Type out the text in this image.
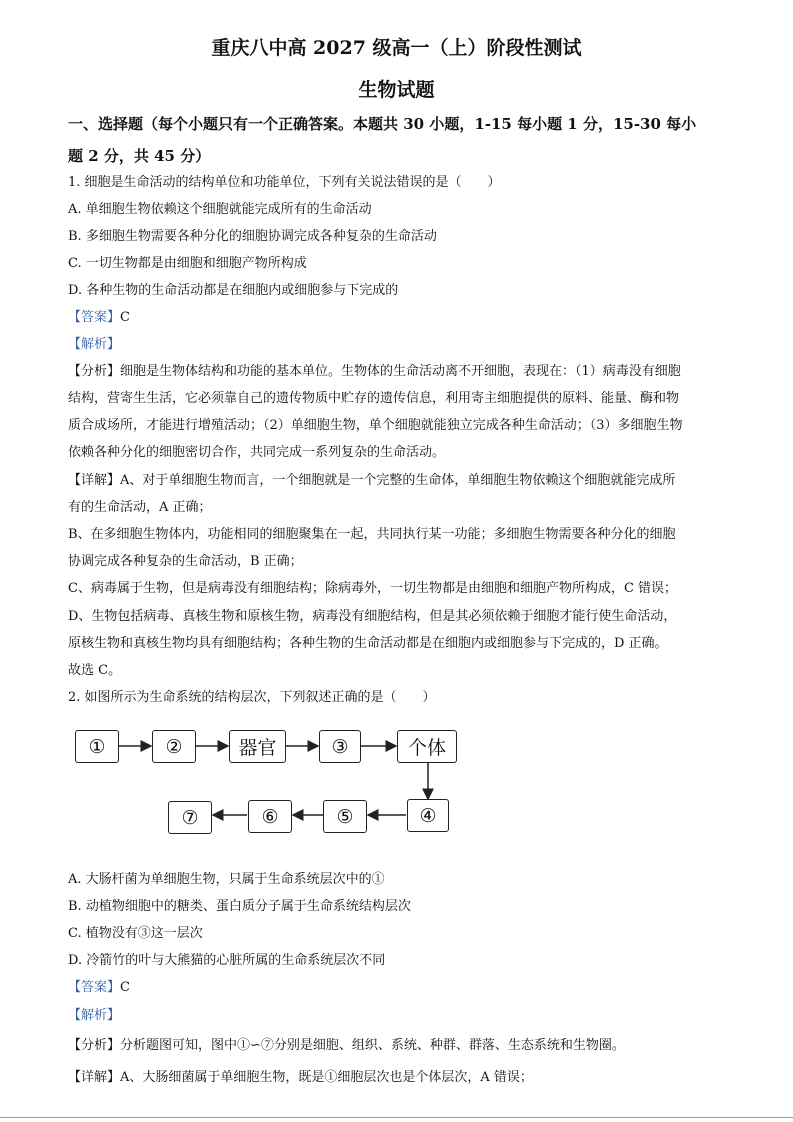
重庆八中高 2027 级高一（上）阶段性测试
生物试题
一、选择题（每个小题只有一个正确答案。本题共 30 小题，1-15 每小题 1 分，15-30 每小
题 2 分，共 45 分）
1. 细胞是生命活动的结构单位和功能单位，下列有关说法错误的是（　　）
A. 单细胞生物依赖这个细胞就能完成所有的生命活动
B. 多细胞生物需要各种分化的细胞协调完成各种复杂的生命活动
C. 一切生物都是由细胞和细胞产物所构成
D. 各种生物的生命活动都是在细胞内或细胞参与下完成的
【答案】C
【解析】
【分析】细胞是生物体结构和功能的基本单位。生物体的生命活动离不开细胞，表现在：（1）病毒没有细胞
结构，营寄生生活，它必须靠自己的遗传物质中贮存的遗传信息，利用寄主细胞提供的原料、能量、酶和物
质合成场所，才能进行增殖活动；（2）单细胞生物，单个细胞就能独立完成各种生命活动；（3）多细胞生物
依赖各种分化的细胞密切合作，共同完成一系列复杂的生命活动。
【详解】A、对于单细胞生物而言，一个细胞就是一个完整的生命体，单细胞生物依赖这个细胞就能完成所
有的生命活动，A 正确；
B、在多细胞生物体内，功能相同的细胞聚集在一起，共同执行某一功能；多细胞生物需要各种分化的细胞
协调完成各种复杂的生命活动，B 正确；
C、病毒属于生物，但是病毒没有细胞结构；除病毒外，一切生物都是由细胞和细胞产物所构成，C 错误；
D、生物包括病毒、真核生物和原核生物，病毒没有细胞结构，但是其必须依赖于细胞才能行使生命活动，
原核生物和真核生物均具有细胞结构；各种生物的生命活动都是在细胞内或细胞参与下完成的，D 正确。
故选 C。
2. 如图所示为生命系统的结构层次，下列叙述正确的是（　　）
①	②	器官	③	个体
④
⑤
⑥
⑦
A. 大肠杆菌为单细胞生物，只属于生命系统层次中的①
B. 动植物细胞中的糖类、蛋白质分子属于生命系统结构层次
C. 植物没有③这一层次
D. 冷箭竹的叶与大熊猫的心脏所属的生命系统层次不同
【答案】C
【解析】
【分析】分析题图可知，图中①∽⑦分别是细胞、组织、系统、种群、群落、生态系统和生物圈。
【详解】A、大肠细菌属于单细胞生物，既是①细胞层次也是个体层次，A 错误；
